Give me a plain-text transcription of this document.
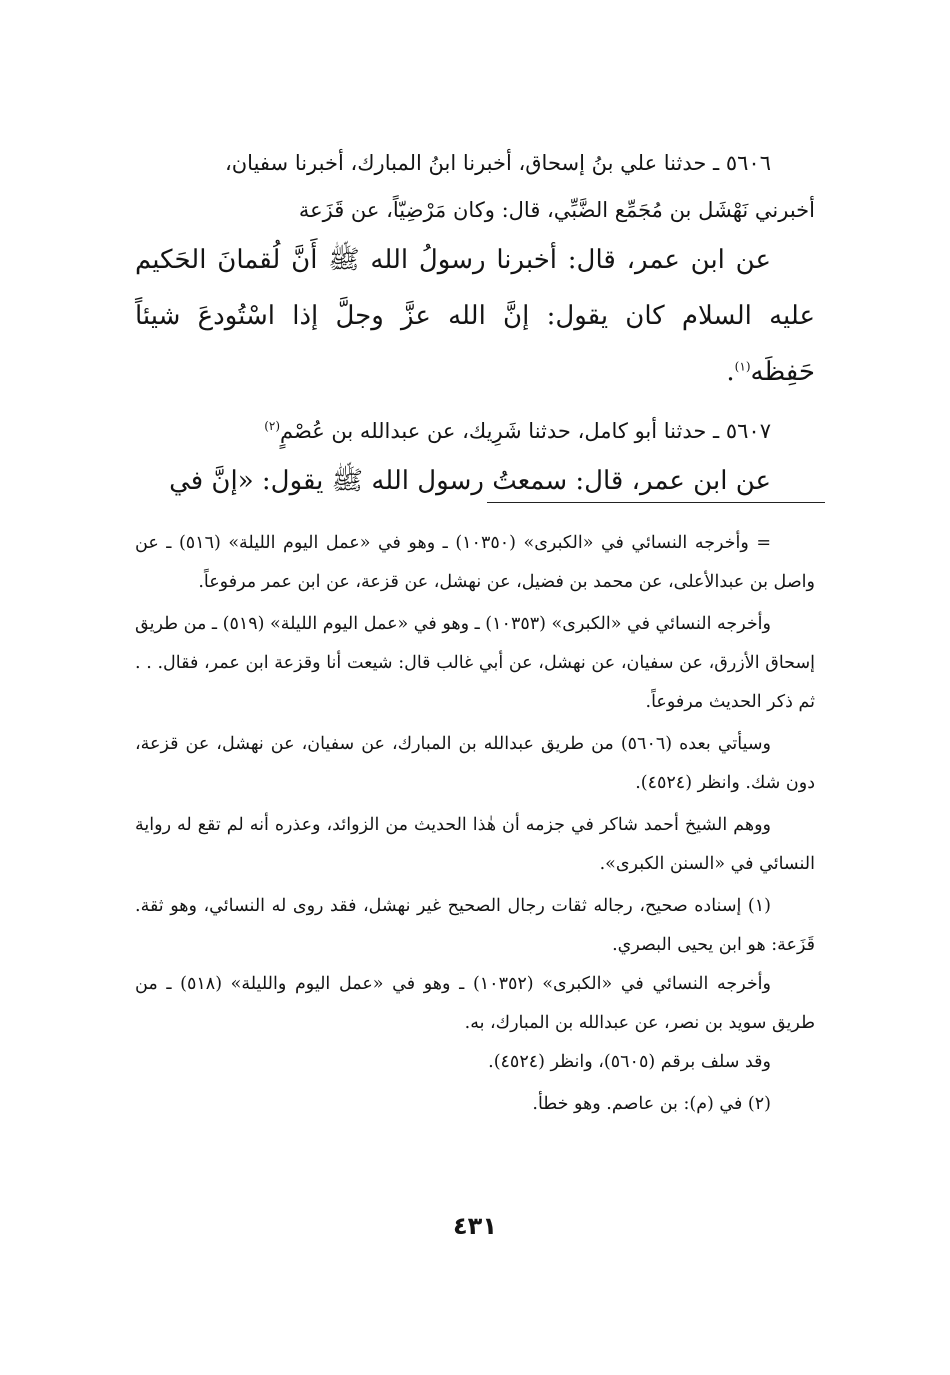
٥٦٠٦ ـ حدثنا علي بنُ إسحاق، أخبرنا ابنُ المبارك، أخبرنا سفيان،

أخبرني نَهْشَل بن مُجَمِّع الضَّبِّي، قال: وكان مَرْضِيّاً، عن قَزَعة

عن ابن عمر، قال: أخبرنا رسولُ الله ﷺ أَنَّ لُقمانَ الحَكيم عليه السلام كان يقول: إنَّ الله عزَّ وجلَّ إذا اسْتُودعَ شيئاً حَفِظَه$^{(١)}$.

٥٦٠٧ ـ حدثنا أبو كامل، حدثنا شَرِيك، عن عبدالله بن عُصْمٍ$^{(٢)}$

عن ابن عمر، قال: سمعتُ رسول الله ﷺ يقول: «إنَّ في

= وأخرجه النسائي في «الكبرى» (١٠٣٥٠) ـ وهو في «عمل اليوم الليلة» (٥١٦) ـ عن واصل بن عبدالأعلى، عن محمد بن فضيل، عن نهشل، عن قزعة، عن ابن عمر مرفوعاً.

وأخرجه النسائي في «الكبرى» (١٠٣٥٣) ـ وهو في «عمل اليوم الليلة» (٥١٩) ـ من طريق إسحاق الأزرق، عن سفيان، عن نهشل، عن أبي غالب قال: شيعت أنا وقزعة ابن عمر، فقال. . . ثم ذكر الحديث مرفوعاً.

وسيأتي بعده (٥٦٠٦) من طريق عبدالله بن المبارك، عن سفيان، عن نهشل، عن قزعة، دون شك. وانظر (٤٥٢٤).

ووهم الشيخ أحمد شاكر في جزمه أن هٰذا الحديث من الزوائد، وعذره أنه لم تقع له رواية النسائي في «السنن الكبرى».

(١) إسناده صحيح، رجاله ثقات رجال الصحيح غير نهشل، فقد روى له النسائي، وهو ثقة. قَزَعة: هو ابن يحيى البصري.

وأخرجه النسائي في «الكبرى» (١٠٣٥٢) ـ وهو في «عمل اليوم والليلة» (٥١٨) ـ من طريق سويد بن نصر، عن عبدالله بن المبارك، به.

وقد سلف برقم (٥٦٠٥)، وانظر (٤٥٢٤).

(٢) في (م): بن عاصم. وهو خطأ.

٤٣١
